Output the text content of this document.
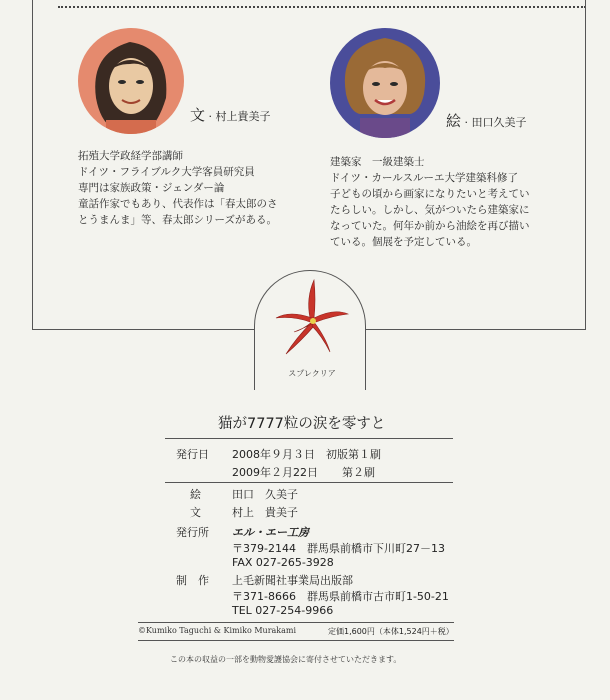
文 · 村上貴美子	絵 · 田口久美子
拓殖大学政経学部講師
ドイツ・フライブルク大学客員研究員
専門は家族政策・ジェンダー論
童話作家でもあり、代表作は「春太郎のさ
とうまんま」等、春太郎シリーズがある。
建築家　一級建築士
ドイツ・カールスルーエ大学建築科修了
子どもの頃から画家になりたいと考えてい
たらしい。しかし、気がついたら建築家に
なっていた。何年か前から油絵を再び描い
ている。個展を予定している。
スプレクリア
猫が7777粒の涙を零すと
発行日 2008年９月３日 初版第１刷
2009年２月22日 第２刷
絵	田口　久美子
文	村上　貴美子
発行所 エル・エー工房
〒379-2144　群馬県前橋市下川町27－13
FAX 027-265-3928
制　作 上毛新聞社事業局出版部
〒371-8666　群馬県前橋市古市町1-50-21
TEL 027-254-9966
©Kumiko Taguchi & Kimiko Murakami	定価1,600円（本体1,524円＋税）
この本の収益の一部を動物愛護協会に寄付させていただきます。
